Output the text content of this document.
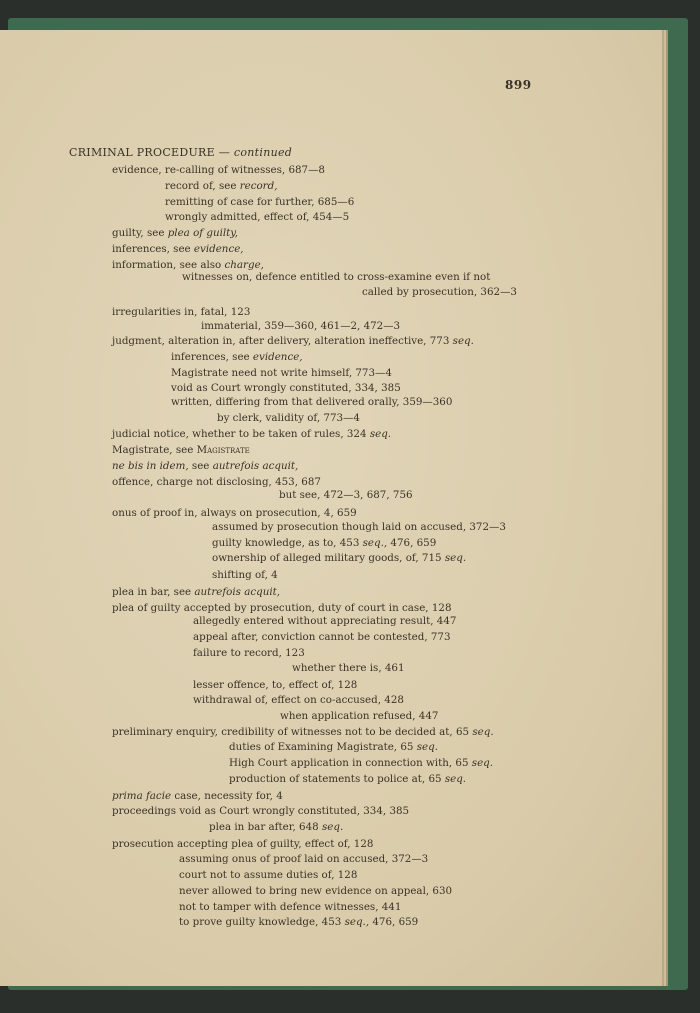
899
CRIMINAL PROCEDURE — continued
evidence, re-calling of witnesses, 687—8
record of, see record,
remitting of case for further, 685—6
wrongly admitted, effect of, 454—5
guilty, see plea of guilty,
inferences, see evidence,
information, see also charge,
witnesses on, defence entitled to cross-examine even if not
called by prosecution, 362—3
irregularities in, fatal, 123
immaterial, 359—360, 461—2, 472—3
judgment, alteration in, after delivery, alteration ineffective, 773 seq.
inferences, see evidence,
Magistrate need not write himself, 773—4
void as Court wrongly constituted, 334, 385
written, differing from that delivered orally, 359—360
by clerk, validity of, 773—4
judicial notice, whether to be taken of rules, 324 seq.
Magistrate, see Magistrate
ne bis in idem, see autrefois acquit,
offence, charge not disclosing, 453, 687
but see, 472—3, 687, 756
onus of proof in, always on prosecution, 4, 659
assumed by prosecution though laid on accused, 372—3
guilty knowledge, as to, 453 seq., 476, 659
ownership of alleged military goods, of, 715 seq.
shifting of, 4
plea in bar, see autrefois acquit,
plea of guilty accepted by prosecution, duty of court in case, 128
allegedly entered without appreciating result, 447
appeal after, conviction cannot be contested, 773
failure to record, 123
whether there is, 461
lesser offence, to, effect of, 128
withdrawal of, effect on co-accused, 428
when application refused, 447
preliminary enquiry, credibility of witnesses not to be decided at, 65 seq.
duties of Examining Magistrate, 65 seq.
High Court application in connection with, 65 seq.
production of statements to police at, 65 seq.
prima facie case, necessity for, 4
proceedings void as Court wrongly constituted, 334, 385
plea in bar after, 648 seq.
prosecution accepting plea of guilty, effect of, 128
assuming onus of proof laid on accused, 372—3
court not to assume duties of, 128
never allowed to bring new evidence on appeal, 630
not to tamper with defence witnesses, 441
to prove guilty knowledge, 453 seq., 476, 659
